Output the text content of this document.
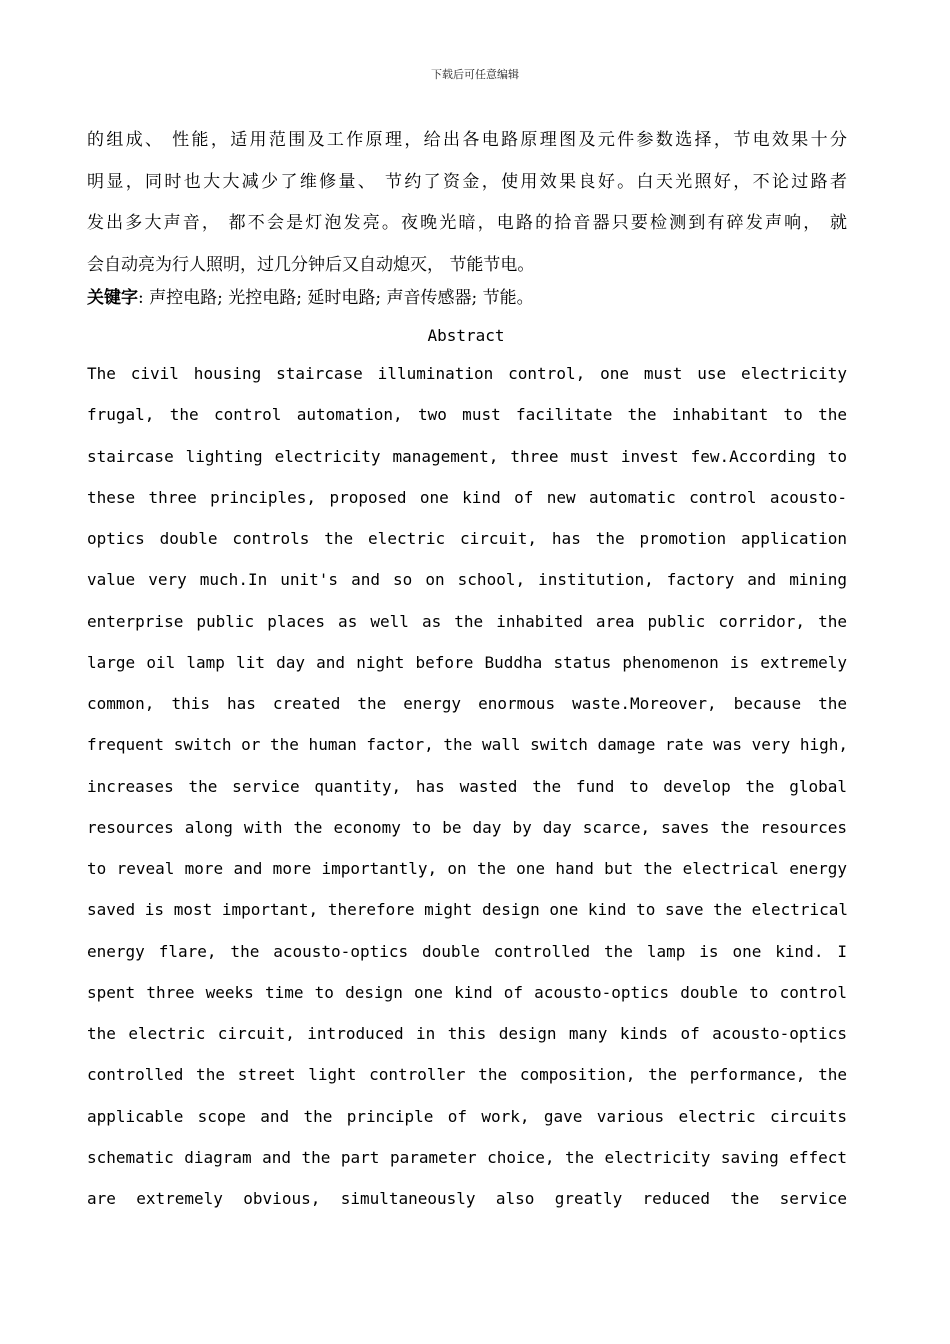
下载后可任意编辑
的组成、 性能，适用范围及工作原理，给出各电路原理图及元件参数选择，节电效果十分
明显，同时也大大减少了维修量、 节约了资金，使用效果良好。白天光照好，不论过路者
发出多大声音， 都不会是灯泡发亮。夜晚光暗，电路的拾音器只要检测到有碎发声响， 就
会自动亮为行人照明，过几分钟后又自动熄灭， 节能节电。
关键字: 声控电路; 光控电路; 延时电路; 声音传感器; 节能。
Abstract
The civil housing staircase illumination control, one must use electricity
frugal, the control automation, two must facilitate the inhabitant to the
staircase lighting electricity management, three must invest few.According to
these three principles, proposed one kind of new automatic control acousto-
optics double controls the electric circuit, has the promotion application
value very much.In unit's and so on school, institution, factory and mining
enterprise public places as well as the inhabited area public corridor, the
large oil lamp lit day and night before Buddha status phenomenon is extremely
common, this has created the energy enormous waste.Moreover, because the
frequent switch or the human factor, the wall switch damage rate was very high,
increases the service quantity, has wasted the fund to develop the global
resources along with the economy to be day by day scarce, saves the resources
to reveal more and more importantly, on the one hand but the electrical energy
saved is most important, therefore might design one kind to save the electrical
energy flare, the acousto-optics double controlled the lamp is one kind. I
spent three weeks time to design one kind of acousto-optics double to control
the electric circuit, introduced in this design many kinds of acousto-optics
controlled the street light controller the composition, the performance, the
applicable scope and the principle of work, gave various electric circuits
schematic diagram and the part parameter choice, the electricity saving effect
are extremely obvious, simultaneously also greatly reduced the service
